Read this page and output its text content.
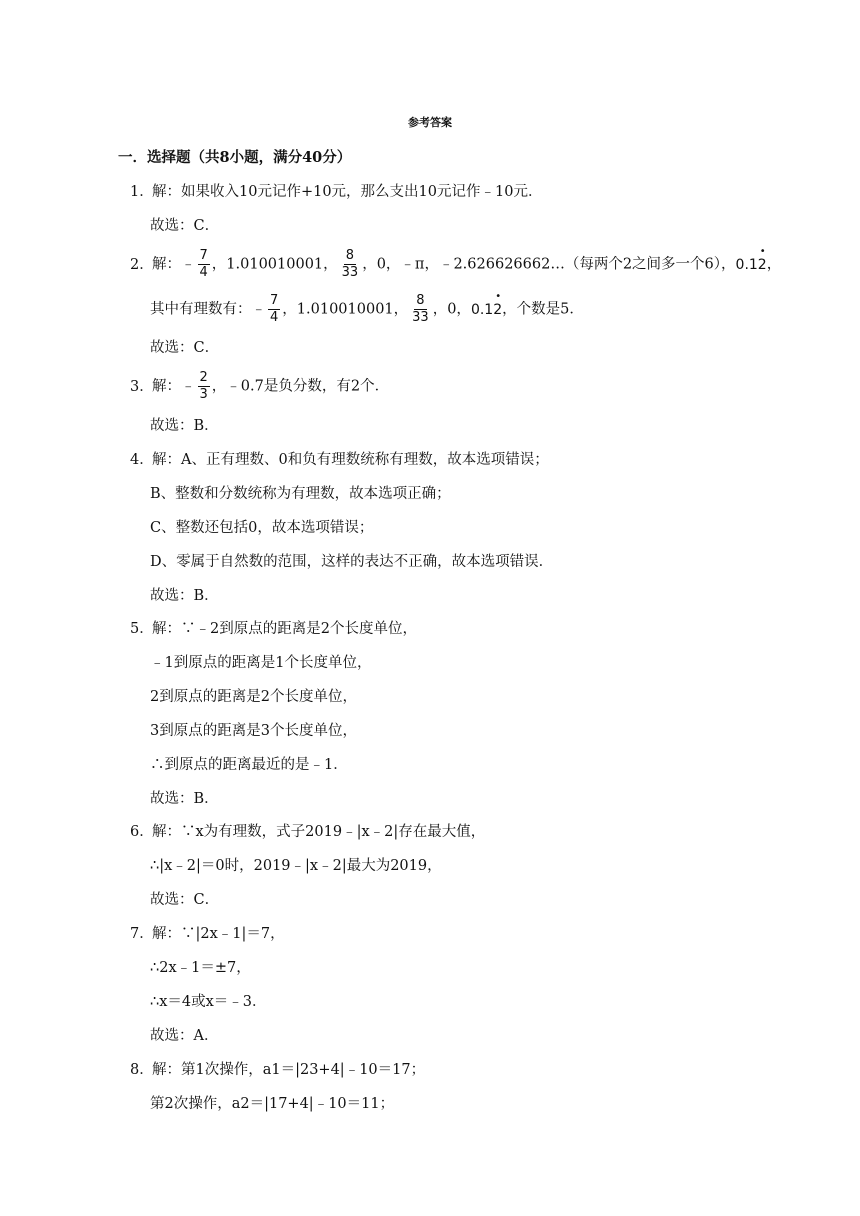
参考答案
一．选择题（共8小题，满分40分）
1．解：如果收入10元记作+10元，那么支出10元记作﹣10元．
故选：C．
2．解：﹣ $\frac{7}{4}$ ，1.010010001， $\frac{8}{33}$ ，0，﹣π，﹣2.626626662…（每两个2之间多一个6），0.12
•
，
其中有理数有：﹣ $\frac{7}{4}$ ，1.010010001， $\frac{8}{33}$ ，0，0.12
•
，个数是5．
故选：C．
3．解：﹣ $\frac{2}{3}$ ，﹣0.7是负分数，有2个．
故选：B．
4．解：A、正有理数、0和负有理数统称有理数，故本选项错误；
B、整数和分数统称为有理数，故本选项正确；
C、整数还包括0，故本选项错误；
D、零属于自然数的范围，这样的表达不正确，故本选项错误．
故选：B．
5．解：∵﹣2到原点的距离是2个长度单位，
﹣1到原点的距离是1个长度单位，
2到原点的距离是2个长度单位，
3到原点的距离是3个长度单位，
∴到原点的距离最近的是﹣1．
故选：B．
6．解：∵x为有理数，式子2019﹣|x﹣2|存在最大值，
∴|x﹣2|＝0时，2019﹣|x﹣2|最大为2019，
故选：C．
7．解：∵|2x﹣1|＝7，
∴2x﹣1＝±7，
∴x＝4或x＝﹣3．
故选：A．
8．解：第1次操作，a1＝|23+4|﹣10＝17；
第2次操作，a2＝|17+4|﹣10＝11；
